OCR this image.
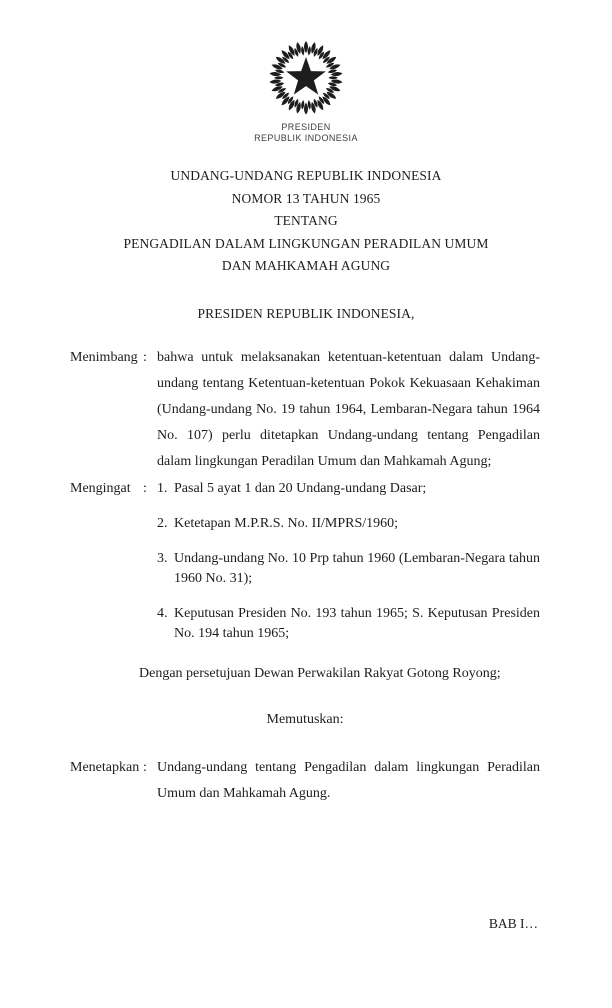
PRESIDEN
REPUBLIK INDONESIA
UNDANG-UNDANG REPUBLIK INDONESIA
NOMOR 13 TAHUN 1965
TENTANG
PENGADILAN DALAM LINGKUNGAN PERADILAN UMUM
DAN MAHKAMAH AGUNG
PRESIDEN REPUBLIK INDONESIA,
Menimbang : bahwa untuk melaksanakan ketentuan-ketentuan dalam Undang-undang tentang Ketentuan-ketentuan Pokok Kekuasaan Kehakiman (Undang-undang No. 19 tahun 1964, Lembaran-Negara tahun 1964 No. 107) perlu ditetapkan Undang-undang tentang Pengadilan dalam lingkungan Peradilan Umum dan Mahkamah Agung;
Mengingat : 1. Pasal 5 ayat 1 dan 20 Undang-undang Dasar;
2. Ketetapan M.P.R.S. No. II/MPRS/1960;
3. Undang-undang No. 10 Prp tahun 1960 (Lembaran-Negara tahun 1960 No. 31);
4. Keputusan Presiden No. 193 tahun 1965; S. Keputusan Presiden No. 194 tahun 1965;
Dengan persetujuan Dewan Perwakilan Rakyat Gotong Royong;
Memutuskan:
Menetapkan : Undang-undang tentang Pengadilan dalam lingkungan Peradilan Umum dan Mahkamah Agung.
BAB I…
